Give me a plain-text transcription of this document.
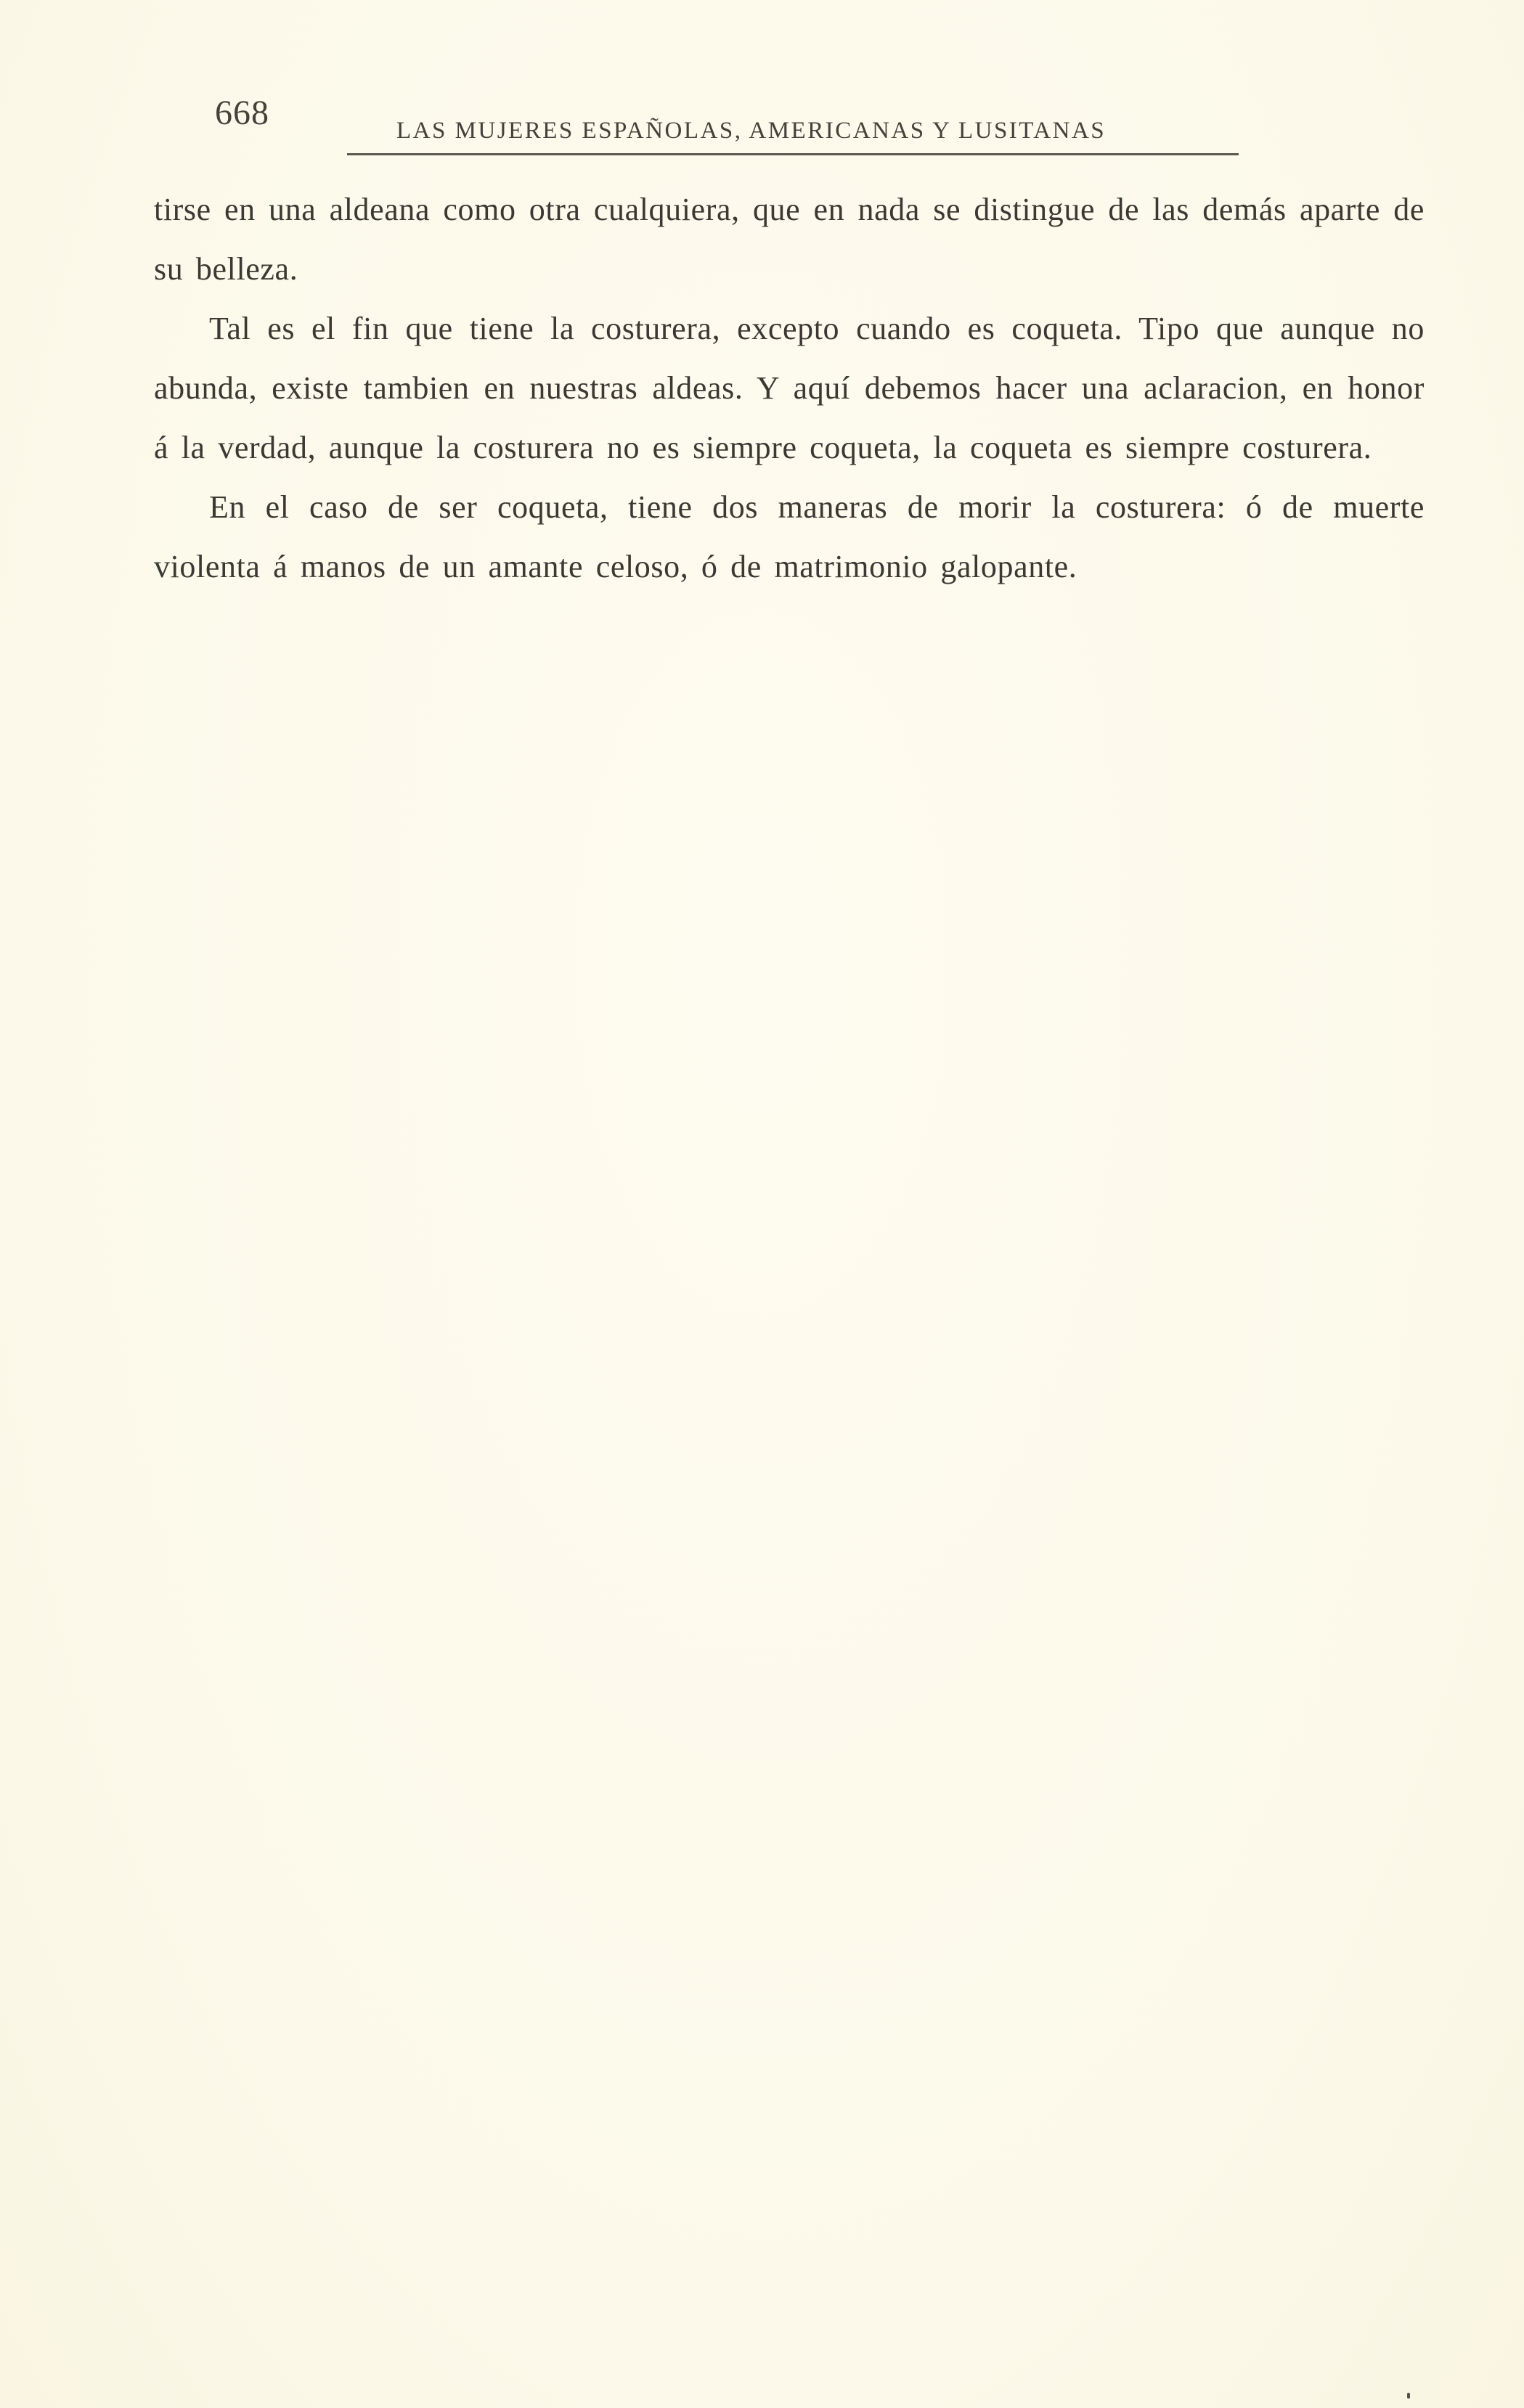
668	LAS MUJERES ESPAÑOLAS, AMERICANAS Y LUSITANAS

tirse en una aldeana como otra cualquiera, que en nada se distingue de las demás aparte de su belleza.

Tal es el fin que tiene la costurera, excepto cuando es coqueta. Tipo que aunque no abunda, existe tambien en nuestras aldeas. Y aquí debemos hacer una aclaracion, en honor á la verdad, aunque la costurera no es siempre coqueta, la coqueta es siempre costurera.

En el caso de ser coqueta, tiene dos maneras de morir la costurera: ó de muerte violenta á manos de un amante celoso, ó de matrimonio galopante.
